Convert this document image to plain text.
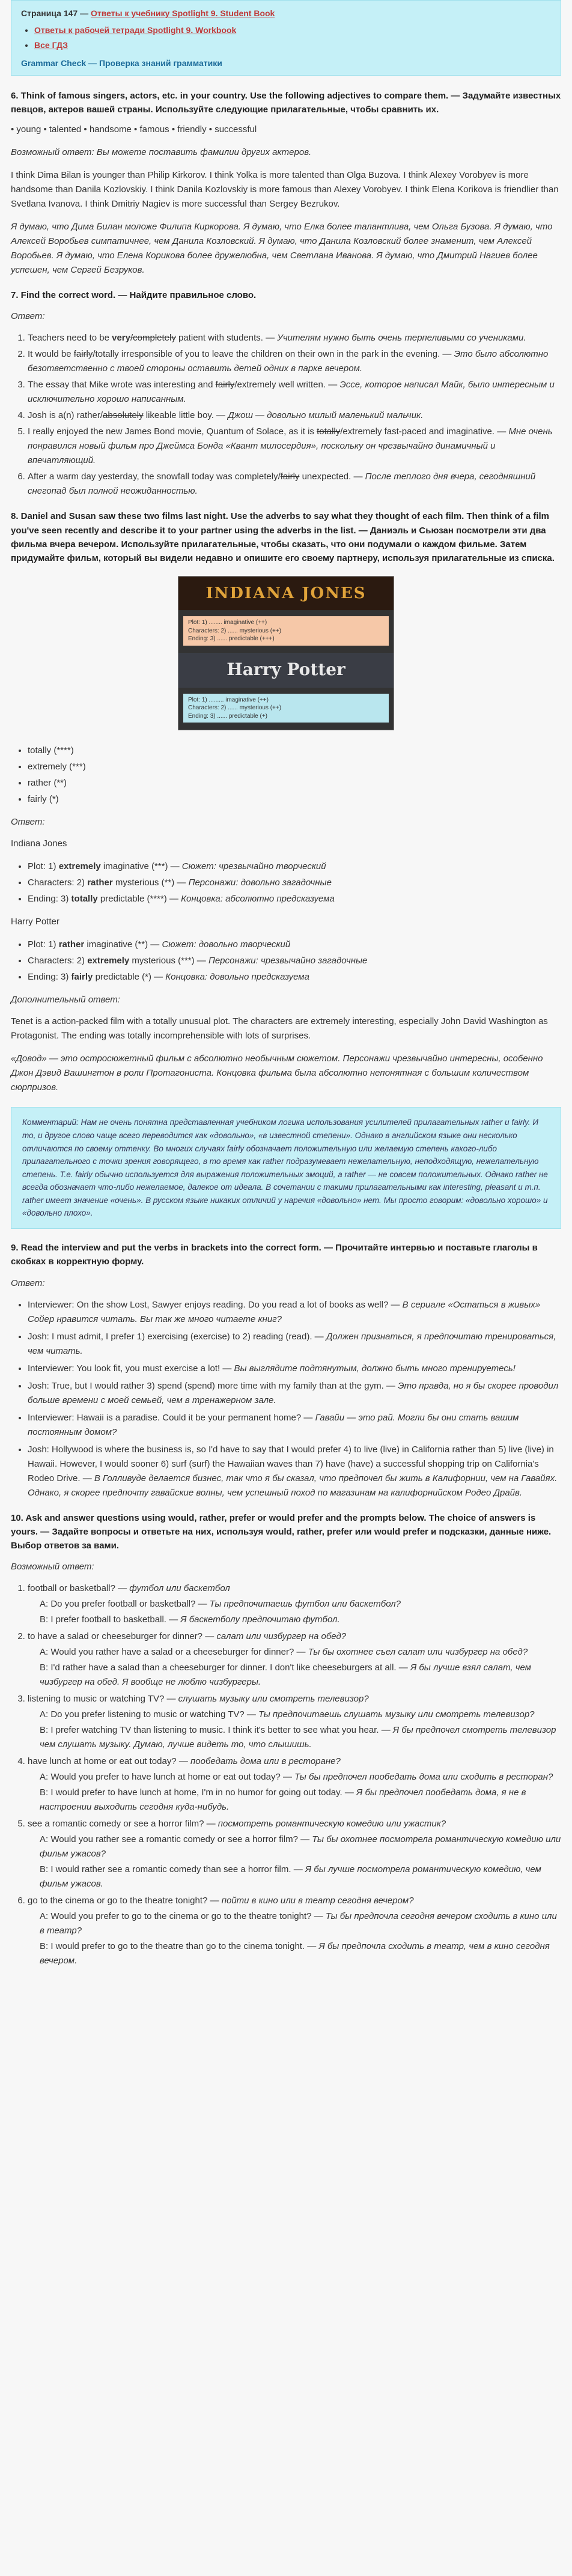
Страница 147 — Ответы к учебнику Spotlight 9. Student Book
• Ответы к рабочей тетради Spotlight 9. Workbook
• Все ГДЗ
Grammar Check — Проверка знаний грамматики
6. Think of famous singers, actors, etc. in your country. Use the following adjectives to compare them. — Задумайте известных певцов, актеров вашей страны. Используйте следующие прилагательные, чтобы сравнить их.

• young • talented • handsome • famous • friendly • successful

Возможный ответ: Вы можете поставить фамилии других актеров.

I think Dima Bilan is younger than Philip Kirkorov. I think Yolka is more talented than Olga Buzova. I think Alexey Vorobyev is more handsome than Danila Kozlovskiy. I think Danila Kozlovskiy is more famous than Alexey Vorobyev. I think Elena Korikova is friendlier than Svetlana Ivanova. I think Dmitriy Nagiev is more successful than Sergey Bezrukov.

Я думаю, что Дима Билан моложе Филипа Киркорова. Я думаю, что Елка более талантлива, чем Ольга Бузова. Я думаю, что Алексей Воробьев симпатичнее, чем Данила Козловский. Я думаю, что Данила Козловский более знаменит, чем Алексей Воробьев. Я думаю, что Елена Корикова более дружелюбна, чем Светлана Иванова. Я думаю, что Дмитрий Нагиев более успешен, чем Сергей Безруков.

7. Find the correct word. — Найдите правильное слово.

Ответ:

1. Teachers need to be very/completely patient with students. — Учителям нужно быть очень терпеливыми со учениками.
2. It would be fairly/totally irresponsible of you to leave the children on their own in the park in the evening. — Это было абсолютно безответственно с твоей стороны оставить детей одних в парке вечером.
3. The essay that Mike wrote was interesting and fairly/extremely well written. — Эссе, которое написал Майк, было интересным и исключительно хорошо написанным.
4. Josh is a(n) rather/absolutely likeable little boy. — Джош — довольно милый маленький мальчик.
5. I really enjoyed the new James Bond movie, Quantum of Solace, as it is totally/extremely fast-paced and imaginative. — Мне очень понравился новый фильм про Джеймса Бонда «Квант милосердия», поскольку он чрезвычайно динамичный и впечатляющий.
6. After a warm day yesterday, the snowfall today was completely/fairly unexpected. — После теплого дня вчера, сегодняшний снегопад был полной неожиданностью.
8. Daniel and Susan saw these two films last night. Use the adverbs to say what they thought of each film. Then think of a film you've seen recently and describe it to your partner using the adverbs in the list. — Даниэль и Сьюзан посмотрели эти два фильма вчера вечером. Используйте прилагательные, чтобы сказать, что они подумали о каждом фильме. Затем придумайте фильм, который вы видели недавно и опишите его своему партнеру, используя прилагательные из списка.
INDIANA JONES
Plot: 1) ........ imaginative (++)
Characters: 2) ...... mysterious (++)
Ending: 3) ...... predictable (+++)
Harry Potter
Plot: 1) ......... imaginative (++)
Characters: 2) ...... mysterious (++)
Ending: 3) ...... predictable (+)
• totally (****)
• extremely (***)
• rather (**)
• fairly (*)

Ответ:

Indiana Jones

• Plot: 1) extremely imaginative (***) — Сюжет: чрезвычайно творческий
• Characters: 2) rather mysterious (**) — Персонажи: довольно загадочные
• Ending: 3) totally predictable (****) — Концовка: абсолютно предсказуема

Harry Potter

• Plot: 1) rather imaginative (**) — Сюжет: довольно творческий
• Characters: 2) extremely mysterious (***) — Персонажи: чрезвычайно загадочные
• Ending: 3) fairly predictable (*) — Концовка: довольно предсказуема

Дополнительный ответ:

Tenet is a action-packed film with a totally unusual plot. The characters are extremely interesting, especially John David Washington as Protagonist. The ending was totally incomprehensible with lots of surprises.

«Довод» — это остросюжетный фильм с абсолютно необычным сюжетом. Персонажи чрезвычайно интересны, особенно Джон Дэвид Вашингтон в роли Протагониста. Концовка фильма была абсолютно непонятная с большим количеством сюрпризов.

Комментарий: Нам не очень понятна представленная учебником логика использования усилителей прилагательных rather и fairly. И то, и другое слово чаще всего переводится как «довольно», «в известной степени». Однако в английском языке они несколько отличаются по своему оттенку. Во многих случаях fairly обозначает положительную или желаемую степень какого-либо прилагательного с точки зрения говорящего, в то время как rather подразумевает нежелательную, неподходящую, нежелательную степень. Т.е. fairly обычно используется для выражения положительных эмоций, а rather — не совсем положительных. Однако rather не всегда обозначает что-либо нежелаемое, далекое от идеала. В сочетании с такими прилагательными как interesting, pleasant и т.п. rather имеет значение «очень». В русском языке никаких отличий у наречия «довольно» нет. Мы просто говорим: «довольно хорошо» и «довольно плохо».
9. Read the interview and put the verbs in brackets into the correct form. — Прочитайте интервью и поставьте глаголы в скобках в корректную форму.

Ответ:

• Interviewer: On the show Lost, Sawyer enjoys reading. Do you read a lot of books as well? — В сериале «Остаться в живых» Сойер нравится читать. Вы так же много читаете книг?
• Josh: I must admit, I prefer 1) exercising (exercise) to 2) reading (read). — Должен признаться, я предпочитаю тренироваться, чем читать.
• Interviewer: You look fit, you must exercise a lot! — Вы выглядите подтянутым, должно быть много тренируетесь!
• Josh: True, but I would rather 3) spend (spend) more time with my family than at the gym. — Это правда, но я бы скорее проводил больше времени с моей семьей, чем в тренажерном зале.
• Interviewer: Hawaii is a paradise. Could it be your permanent home? — Гавайи — это рай. Могли бы они стать вашим постоянным домом?
• Josh: Hollywood is where the business is, so I'd have to say that I would prefer 4) to live (live) in California rather than 5) live (live) in Hawaii. However, I would sooner 6) surf (surf) the Hawaiian waves than 7) have (have) a successful shopping trip on California's Rodeo Drive. — В Голливуде делается бизнес, так что я бы сказал, что предпочел бы жить в Калифорнии, чем на Гавайях. Однако, я скорее предпочту гавайские волны, чем успешный поход по магазинам на калифорнийском Родео Драйв.
10. Ask and answer questions using would, rather, prefer or would prefer and the prompts below. The choice of answers is yours. — Задайте вопросы и ответьте на них, используя would, rather, prefer или would prefer и подсказки, данные ниже. Выбор ответов за вами.

Возможный ответ:

1. football or basketball? — футбол или баскетбол
A: Do you prefer football or basketball? — Ты предпочитаешь футбол или баскетбол?
B: I prefer football to basketball. — Я баскетболу предпочитаю футбол.
2. to have a salad or cheeseburger for dinner? — салат или чизбургер на обед?
A: Would you rather have a salad or a cheeseburger for dinner? — Ты бы охотнее съел салат или чизбургер на обед?
B: I'd rather have a salad than a cheeseburger for dinner. I don't like cheeseburgers at all. — Я бы лучше взял салат, чем чизбургер на обед. Я вообще не люблю чизбургеры.
3. listening to music or watching TV? — слушать музыку или смотреть телевизор?
A: Do you prefer listening to music or watching TV? — Ты предпочитаешь слушать музыку или смотреть телевизор?
B: I prefer watching TV than listening to music. I think it's better to see what you hear. — Я бы предпочел смотреть телевизор чем слушать музыку. Думаю, лучше видеть то, что слышишь.
4. have lunch at home or eat out today? — пообедать дома или в ресторане?
A: Would you prefer to have lunch at home or eat out today? — Ты бы предпочел пообедать дома или сходить в ресторан?
B: I would prefer to have lunch at home, I'm in no humor for going out today. — Я бы предпочел пообедать дома, я не в настроении выходить сегодня куда-нибудь.
5. see a romantic comedy or see a horror film? — посмотреть романтическую комедию или ужастик?
A: Would you rather see a romantic comedy or see a horror film? — Ты бы охотнее посмотрела романтическую комедию или фильм ужасов?
B: I would rather see a romantic comedy than see a horror film. — Я бы лучше посмотрела романтическую комедию, чем фильм ужасов.
6. go to the cinema or go to the theatre tonight? — пойти в кино или в театр сегодня вечером?
A: Would you prefer to go to the cinema or go to the theatre tonight? — Ты бы предпочла сегодня вечером сходить в кино или в театр?
B: I would prefer to go to the theatre than go to the cinema tonight. — Я бы предпочла сходить в театр, чем в кино сегодня вечером.
